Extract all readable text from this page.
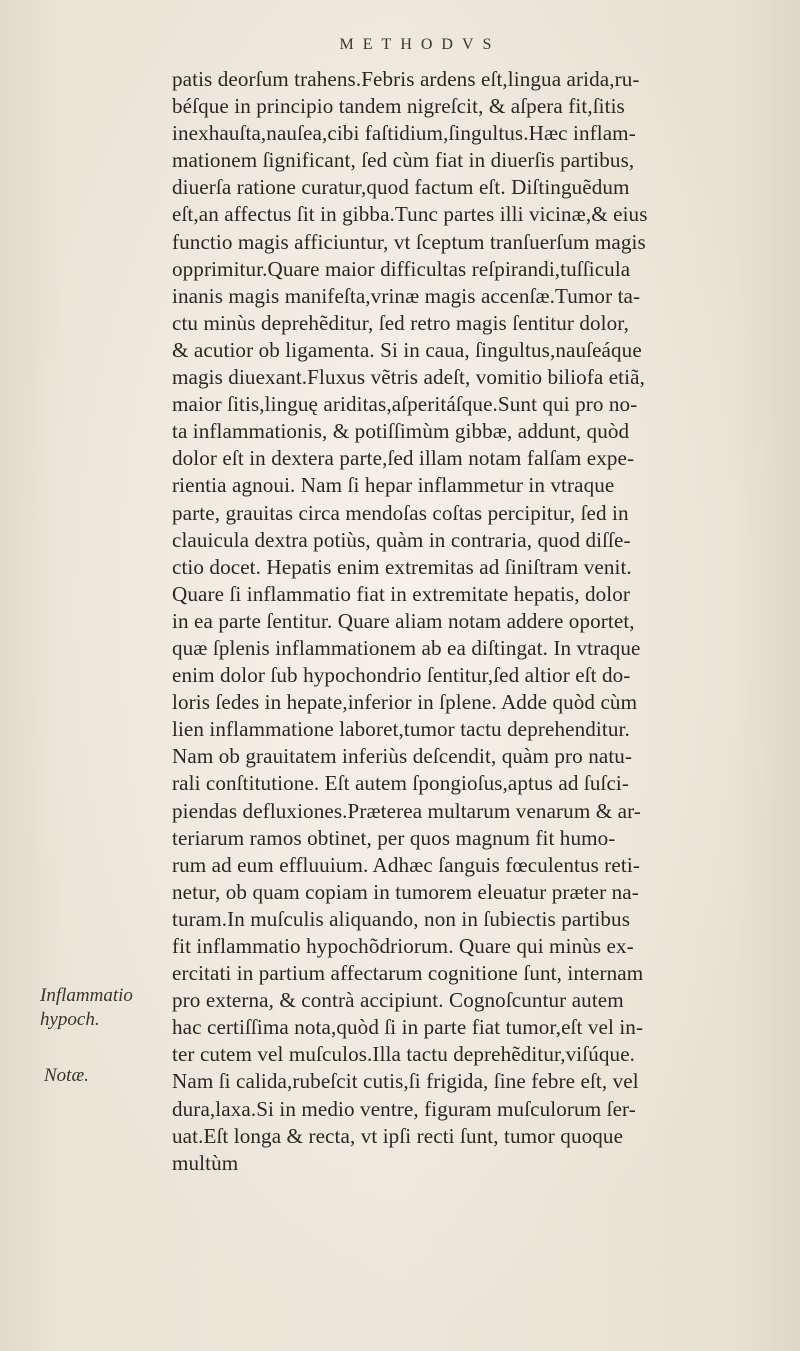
METHODVS
patis deorſum trahens.Febris ardens eſt,lingua arida,ru-
béſque in principio tandem nigreſcit, & aſpera fit,ſitis
inexhauſta,nauſea,cibi faſtidium,ſingultus.Hæc inflam-
mationem ſignificant, ſed cùm fiat in diuerſis partibus,
diuerſa ratione curatur,quod factum eſt. Diſtinguẽdum
eſt,an affectus ſit in gibba.Tunc partes illi vicinæ,& eius
functio magis afficiuntur, vt ſceptum tranſuerſum magis
opprimitur.Quare maior difficultas reſpirandi,tuſſicula
inanis magis manifeſta,vrinæ magis accenſæ.Tumor ta-
ctu minùs deprehẽditur, ſed retro magis ſentitur dolor,
& acutior ob ligamenta. Si in caua, ſingultus,nauſeáque
magis diuexant.Fluxus vẽtris adeſt, vomitio biliofa etiã,
maior ſitis,linguę ariditas,aſperitáſque.Sunt qui pro no-
ta inflammationis, & potiſſimùm gibbæ, addunt, quòd
dolor eſt in dextera parte,ſed illam notam falſam expe-
rientia agnoui. Nam ſi hepar inflammetur in vtraque
parte, grauitas circa mendoſas coſtas percipitur, ſed in
clauicula dextra potiùs, quàm in contraria, quod diſſe-
ctio docet. Hepatis enim extremitas ad ſiniſtram venit.
Quare ſi inflammatio fiat in extremitate hepatis, dolor
in ea parte ſentitur. Quare aliam notam addere oportet,
quæ ſplenis inflammationem ab ea diſtingat. In vtraque
enim dolor ſub hypochondrio ſentitur,ſed altior eſt do-
loris ſedes in hepate,inferior in ſplene. Adde quòd cùm
lien inflammatione laboret,tumor tactu deprehenditur.
Nam ob grauitatem inferiùs deſcendit, quàm pro natu-
rali conſtitutione. Eſt autem ſpongioſus,aptus ad ſuſci-
piendas defluxiones.Præterea multarum venarum & ar-
teriarum ramos obtinet, per quos magnum fit humo-
rum ad eum effluuium. Adhæc ſanguis fœculentus reti-
netur, ob quam copiam in tumorem eleuatur præter na-
turam.In muſculis aliquando, non in ſubiectis partibus
fit inflammatio hypochõdriorum. Quare qui minùs ex-
ercitati in partium affectarum cognitione ſunt, internam
pro externa, & contrà accipiunt. Cognoſcuntur autem
hac certiſſima nota,quòd ſi in parte fiat tumor,eſt vel in-
ter cutem vel muſculos.Illa tactu deprehẽditur,viſúque.
Nam ſi calida,rubeſcit cutis,ſi frigida, ſine febre eſt, vel
dura,laxa.Si in medio ventre, figuram muſculorum ſer-
uat.Eſt longa & recta, vt ipſi recti ſunt, tumor quoque
multùm
Inflammatio
hypoch.
Notæ.
